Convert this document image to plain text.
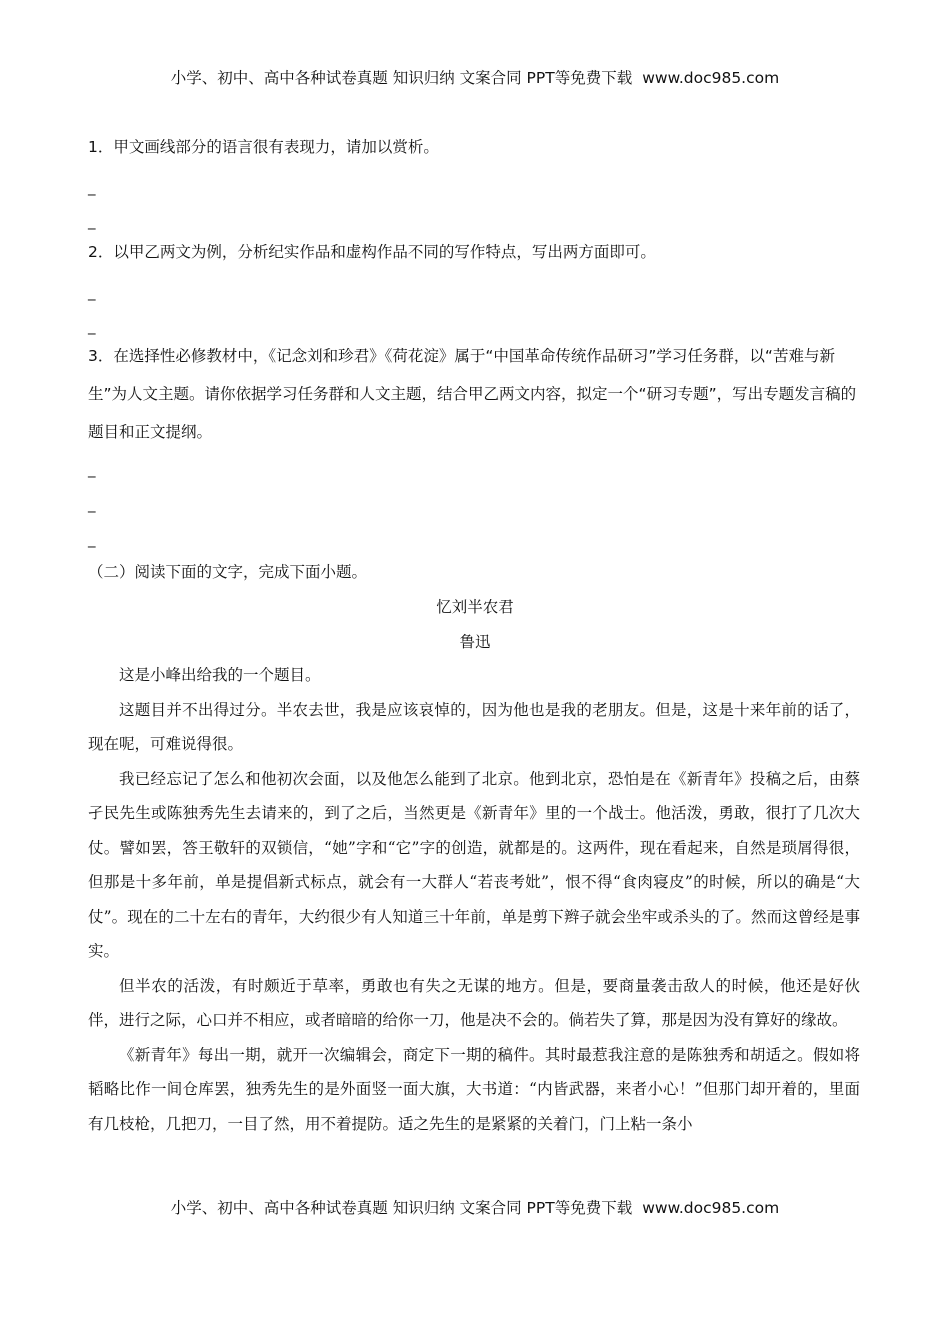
小学、初中、高中各种试卷真题 知识归纳 文案合同 PPT等免费下载 www.doc985.com
1．甲文画线部分的语言很有表现力，请加以赏析。
_
_
2．以甲乙两文为例，分析纪实作品和虚构作品不同的写作特点，写出两方面即可。
_
_
3．在选择性必修教材中，《记念刘和珍君》《荷花淀》属于“中国革命传统作品研习”学习任务群，以“苦难与新生”为人文主题。请你依据学习任务群和人文主题，结合甲乙两文内容，拟定一个“研习专题”，写出专题发言稿的题目和正文提纲。
_
_
_
（二）阅读下面的文字，完成下面小题。
忆刘半农君
鲁迅

这是小峰出给我的一个题目。

这题目并不出得过分。半农去世，我是应该哀悼的，因为他也是我的老朋友。但是，这是十来年前的话了，现在呢，可难说得很。

我已经忘记了怎么和他初次会面，以及他怎么能到了北京。他到北京，恐怕是在《新青年》投稿之后，由蔡孑民先生或陈独秀先生去请来的，到了之后，当然更是《新青年》里的一个战士。他活泼，勇敢，很打了几次大仗。譬如罢，答王敬轩的双锁信，“她”字和“它”字的创造，就都是的。这两件，现在看起来，自然是琐屑得很，但那是十多年前，单是提倡新式标点，就会有一大群人“若丧考妣”，恨不得“食肉寝皮”的时候，所以的确是“大仗”。现在的二十左右的青年，大约很少有人知道三十年前，单是剪下辫子就会坐牢或杀头的了。然而这曾经是事实。

但半农的活泼，有时颇近于草率，勇敢也有失之无谋的地方。但是，要商量袭击敌人的时候，他还是好伙伴，进行之际，心口并不相应，或者暗暗的给你一刀，他是决不会的。倘若失了算，那是因为没有算好的缘故。

《新青年》每出一期，就开一次编辑会，商定下一期的稿件。其时最惹我注意的是陈独秀和胡适之。假如将韬略比作一间仓库罢，独秀先生的是外面竖一面大旗，大书道：“内皆武器，来者小心！”但那门却开着的，里面有几枝枪，几把刀，一目了然，用不着提防。适之先生的是紧紧的关着门，门上粘一条小

小学、初中、高中各种试卷真题 知识归纳 文案合同 PPT等免费下载 www.doc985.com
